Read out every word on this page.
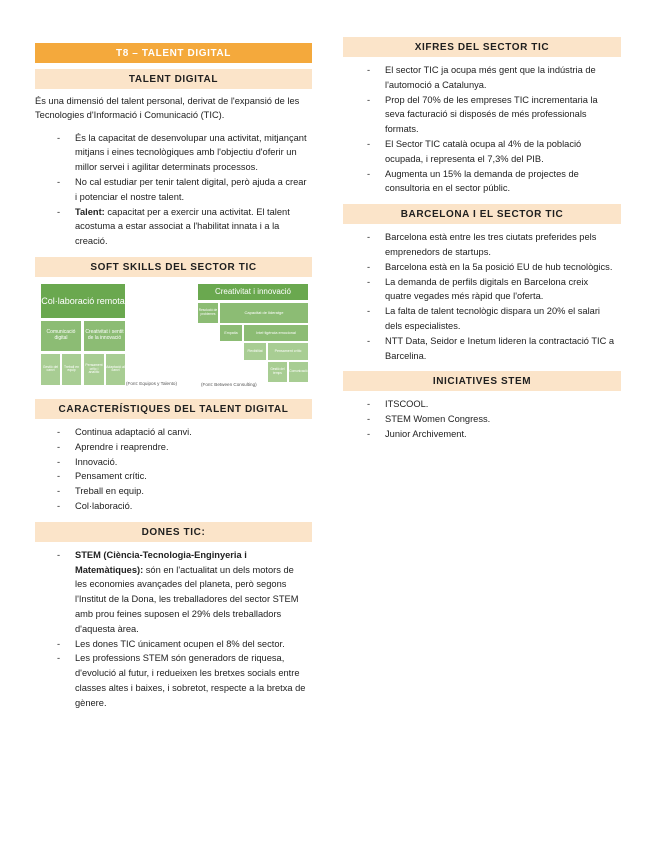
T8 – TALENT DIGITAL
TALENT DIGITAL

És una dimensió del talent personal, derivat de l'expansió de les Tecnologies d'Informació i Comunicació (TIC).

- És la capacitat de desenvolupar una activitat, mitjançant mitjans i eines tecnològiques amb l'objectiu d'oferir un millor servei i agilitar determinats processos.
- No cal estudiar per tenir talent digital, però ajuda a crear i potenciar el nostre talent.
- Talent: capacitat per a exercir una activitat. El talent acostuma a estar associat a l'habilitat innata i a la creació.
SOFT SKILLS DEL SECTOR TIC
Col·laboració remota
Comunicació digital
Creativitat i sentit de la innovació
Gestió del canvi
Treball en equip
Pensament crític i analític
Adaptació al canvi
(Font: Equipos y Talento)
Creativitat i innovació
Resolució de problemes	Capacitat de lideratge
Empatia	Intel·ligència emocional
Flexibilitat	Pensament crític
Gestió del temps	Comunicació
(Font: Between Consulting)
CARACTERÍSTIQUES DEL TALENT DIGITAL
- Continua adaptació al canvi.
- Aprendre i reaprendre.
- Innovació.
- Pensament crític.
- Treball en equip.
- Col·laboració.
DONES TIC:
- STEM (Ciència-Tecnologia-Enginyeria i Matemàtiques): són en l'actualitat un dels motors de les economies avançades del planeta, però segons l'Institut de la Dona, les treballadores del sector STEM amb prou feines suposen el 29% dels treballadors d'aquesta àrea.
- Les dones TIC únicament ocupen el 8% del sector.
- Les professions STEM són generadors de riquesa, d'evolució al futur, i redueixen les bretxes socials entre classes altes i baixes, i sobretot, respecte a la bretxa de gènere.
XIFRES DEL SECTOR TIC
- El sector TIC ja ocupa més gent que la indústria de l'automoció a Catalunya.
- Prop del 70% de les empreses TIC incrementaria la seva facturació si disposés de més professionals formats.
- El Sector TIC català ocupa al 4% de la població ocupada, i representa el 7,3% del PIB.
- Augmenta un 15% la demanda de projectes de consultoria en el sector públic.
BARCELONA I EL SECTOR TIC
- Barcelona està entre les tres ciutats preferides pels emprenedors de startups.
- Barcelona està en la 5a posició EU de hub tecnològics.
- La demanda de perfils digitals en Barcelona creix quatre vegades més ràpid que l'oferta.
- La falta de talent tecnològic dispara un 20% el salari dels especialistes.
- NTT Data, Seidor e Inetum lideren la contractació TIC a Barcelina.
INICIATIVES STEM
- ITSCOOL.
- STEM Women Congress.
- Junior Archivement.
